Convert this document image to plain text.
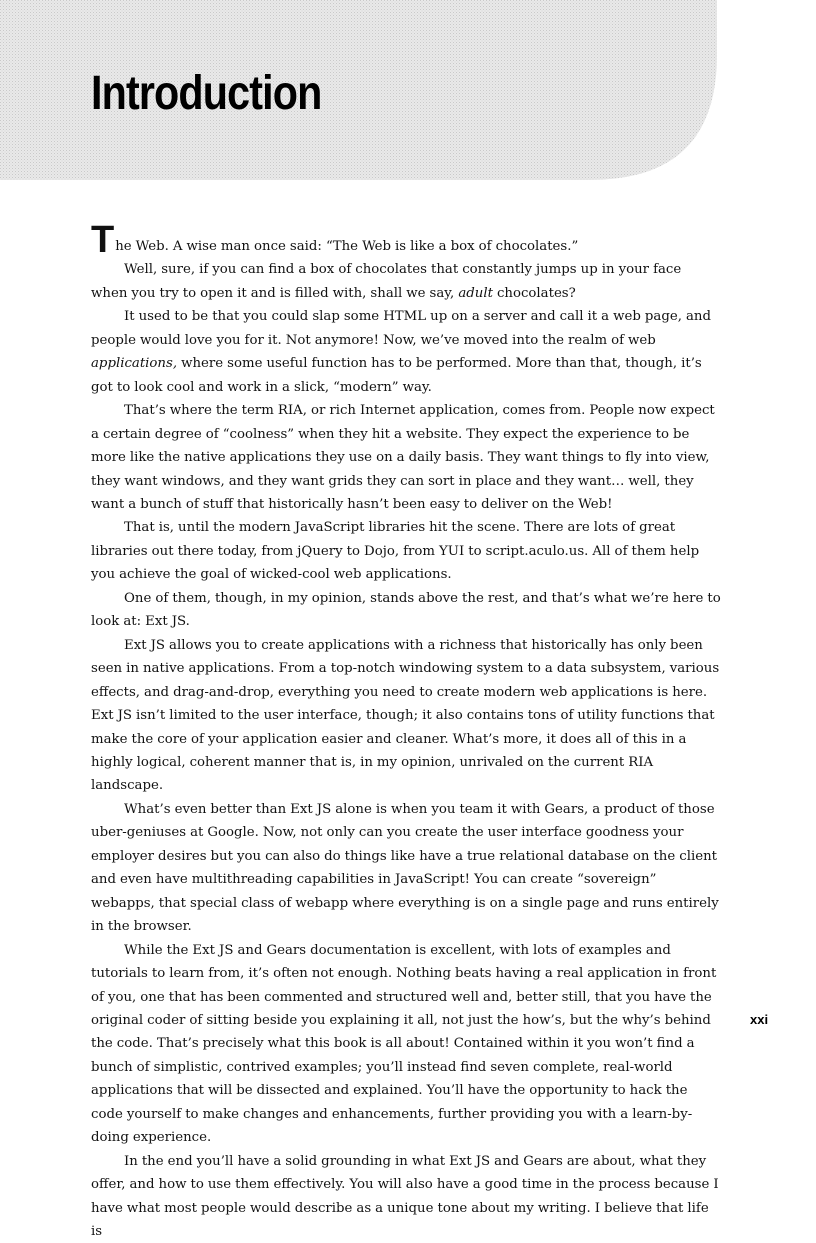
Introduction

The Web. A wise man once said: “The Web is like a box of chocolates.”

Well, sure, if you can find a box of chocolates that constantly jumps up in your face when you try to open it and is filled with, shall we say, adult chocolates?

It used to be that you could slap some HTML up on a server and call it a web page, and people would love you for it. Not anymore! Now, we’ve moved into the realm of web applications, where some useful function has to be performed. More than that, though, it’s got to look cool and work in a slick, “modern” way.

That’s where the term RIA, or rich Internet application, comes from. People now expect a certain degree of “coolness” when they hit a website. They expect the experience to be more like the native applications they use on a daily basis. They want things to fly into view, they want windows, and they want grids they can sort in place and they want… well, they want a bunch of stuff that historically hasn’t been easy to deliver on the Web!

That is, until the modern JavaScript libraries hit the scene. There are lots of great libraries out there today, from jQuery to Dojo, from YUI to script.aculo.us. All of them help you achieve the goal of wicked-cool web applications.

One of them, though, in my opinion, stands above the rest, and that’s what we’re here to look at: Ext JS.

Ext JS allows you to create applications with a richness that historically has only been seen in native applications. From a top-notch windowing system to a data subsystem, various effects, and drag-and-drop, everything you need to create modern web applications is here. Ext JS isn’t limited to the user interface, though; it also contains tons of utility functions that make the core of your application easier and cleaner. What’s more, it does all of this in a highly logical, coherent manner that is, in my opinion, unrivaled on the current RIA landscape.

What’s even better than Ext JS alone is when you team it with Gears, a product of those uber-geniuses at Google. Now, not only can you create the user interface goodness your employer desires but you can also do things like have a true relational database on the client and even have multithreading capabilities in JavaScript! You can create “sovereign” webapps, that special class of webapp where everything is on a single page and runs entirely in the browser.

While the Ext JS and Gears documentation is excellent, with lots of examples and tutorials to learn from, it’s often not enough. Nothing beats having a real application in front of you, one that has been commented and structured well and, better still, that you have the original coder of sitting beside you explaining it all, not just the how’s, but the why’s behind the code. That’s precisely what this book is all about! Contained within it you won’t find a bunch of simplistic, contrived examples; you’ll instead find seven complete, real-world applications that will be dissected and explained. You’ll have the opportunity to hack the code yourself to make changes and enhancements, further providing you with a learn-by-doing experience.

In the end you’ll have a solid grounding in what Ext JS and Gears are about, what they offer, and how to use them effectively. You will also have a good time in the process because I have what most people would describe as a unique tone about my writing. I believe that life is

xxi
